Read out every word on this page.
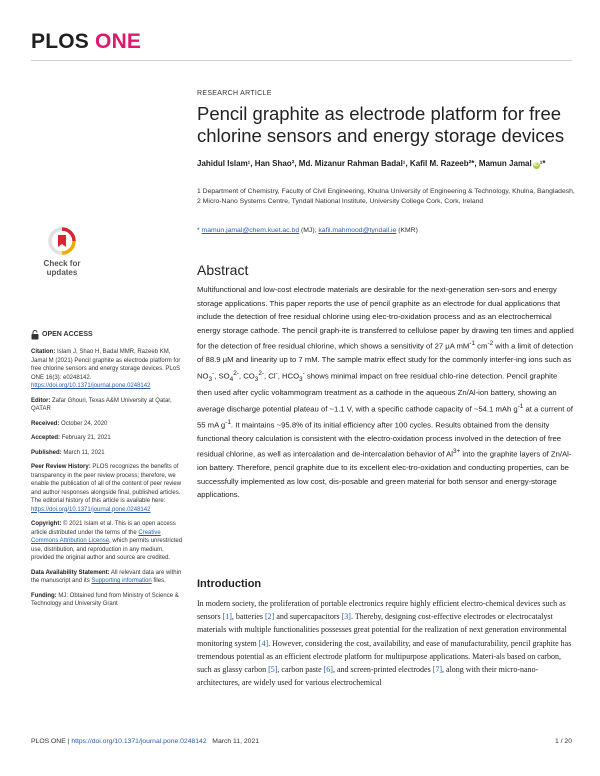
PLOS ONE
RESEARCH ARTICLE
Pencil graphite as electrode platform for free chlorine sensors and energy storage devices
Jahidul Islam¹, Han Shao², Md. Mizanur Rahman Badal¹, Kafil M. Razeeb²*, Mamun Jamal iD¹*
1 Department of Chemistry, Faculty of Civil Engineering, Khulna University of Engineering & Technology, Khulna, Bangladesh, 2 Micro-Nano Systems Centre, Tyndall National Institute, University College Cork, Cork, Ireland
* mamun.jamal@chem.kuet.ac.bd (MJ); kafil.mahmood@tyndall.ie (KMR)
Check for
updates	Abstract
Multifunctional and low-cost electrode materials are desirable for the next-generation sen-sors and energy storage applications. This paper reports the use of pencil graphite as an electrode for dual applications that include the detection of free residual chlorine using elec-tro-oxidation process and as an electrochemical energy storage cathode. The pencil graph-ite is transferred to cellulose paper by drawing ten times and applied for the detection of free residual chlorine, which shows a sensitivity of 27 μA $mM^{-1}$ $cm^{-2}$ with a limit of detection of 88.9 μM and linearity up to 7 mM. The sample matrix effect study for the commonly interfer-ing ions such as $NO_3^-$, $SO_4^{2-}$, $CO_3^{2-}$, Cl-, $HCO_3^-$ shows minimal impact on free residual chlo-rine detection. Pencil graphite then used after cyclic voltammogram treatment as a cathode in the aqueous Zn/Al-ion battery, showing an average discharge potential plateau of ~1.1 V, with a specific cathode capacity of ~54.1 mAh $g^{-1}$ at a current of 55 mA $g^{-1}$. It maintains ~95.8% of its initial efficiency after 100 cycles. Results obtained from the density functional theory calculation is consistent with the electro-oxidation process involved in the detection of free residual chlorine, as well as intercalation and de-intercalation behavior of $Al^{3+}$ into the graphite layers of Zn/Al-ion battery. Therefore, pencil graphite due to its excellent elec-tro-oxidation and conducting properties, can be successfully implemented as low cost, dis-posable and green material for both sensor and energy-storage applications.

OPEN ACCESS

Citation: Islam J, Shao H, Badal MMR, Razeeb KM, Jamal M (2021) Pencil graphite as electrode platform for free chlorine sensors and energy storage devices. PLoS ONE 16(3): e0248142. https://doi.org/10.1371/journal.pone.0248142

Editor: Zafar Ghouri, Texas A&M University at Qatar, QATAR

Received: October 24, 2020

Accepted: February 21, 2021

Published: March 11, 2021

Peer Review History: PLOS recognizes the benefits of transparency in the peer review process; therefore, we enable the publication of all of the content of peer review and author responses alongside final, published articles. The editorial history of this article is available here: https://doi.org/10.1371/journal.pone.0248142

Copyright: © 2021 Islam et al. This is an open access article distributed under the terms of the Creative Commons Attribution License, which permits unrestricted use, distribution, and reproduction in any medium, provided the original author and source are credited.

Data Availability Statement: All relevant data are within the manuscript and its Supporting information files.

Funding: MJ: Obtained fund from Ministry of Science & Technology and University Grant

Introduction
In modern society, the proliferation of portable electronics require highly efficient electro-chemical devices such as sensors [1], batteries [2] and supercapacitors [3]. Thereby, designing cost-effective electrodes or electrocatalyst materials with multiple functionalities possesses great potential for the realization of next generation environmental monitoring system [4]. However, considering the cost, availability, and ease of manufacturability, pencil graphite has tremendous potential as an efficient electrode platform for multipurpose applications. Materi-als based on carbon, such as glassy carbon [5], carbon paste [6], and screen-printed electrodes [7], along with their micro-nano-architectures, are widely used for various electrochemical
PLOS ONE | https://doi.org/10.1371/journal.pone.0248142 March 11, 2021	1 / 20
